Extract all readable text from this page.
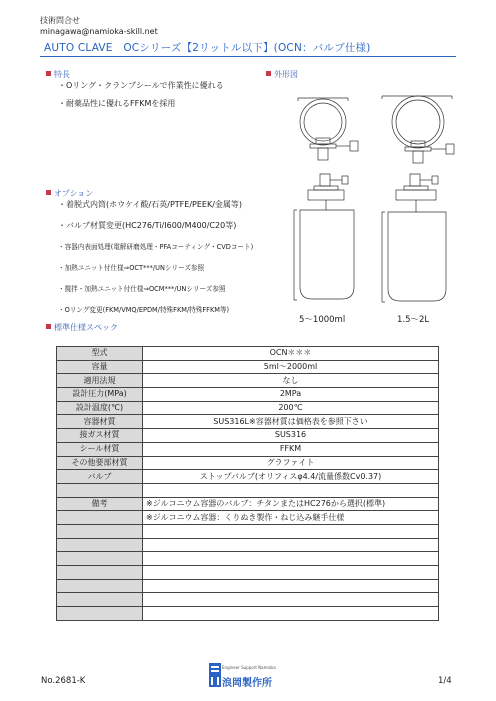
技術問合せ
minagawa@namioka-skill.net
AUTO CLAVE　OCシリーズ【2リットル以下】(OCN：バルブ仕様)
特長
・Oリング・クランプシールで作業性に優れる
・耐薬品性に優れるFFKMを採用
外形図
オプション
・着脱式内筒(ホウケイ酸/石英/PTFE/PEEK/金属等)
・バルブ材質変更(HC276/Ti/I600/M400/C20等)
・容器内表面処理(電解研磨処理・PFAコーティング・CVDコート)
・加熱ユニット付仕様⇒OCT***/UNシリーズ参照
・撹拌・加熱ユニット付仕様⇒OCM***/UNシリーズ参照
・Oリング変更(FKM/VMQ/EPDM/特殊FKM/特殊FFKM等)
標準仕様スペック
5～1000ml	1.5～2L
型式	OCN＊＊＊
容量	5ml～2000ml
適用法規	なし
設計圧力(MPa)	2MPa
設計温度(℃)	200℃
容器材質	SUS316L※容器材質は価格表を参照下さい
接ガス材質	SUS316
シール材質	FFKM
その他要部材質	グラファイト
バルブ	ストップバルブ(オリフィスφ4.4/流量係数Cv0.37)

備考	※ジルコニウム容器のバルブ：チタンまたはHC276から選択(標準)
	※ジルコニウム容器：くりぬき製作・ねじ込み継手仕様

No.2681-K
Engineer Support Namioka
浪岡製作所	1/4
